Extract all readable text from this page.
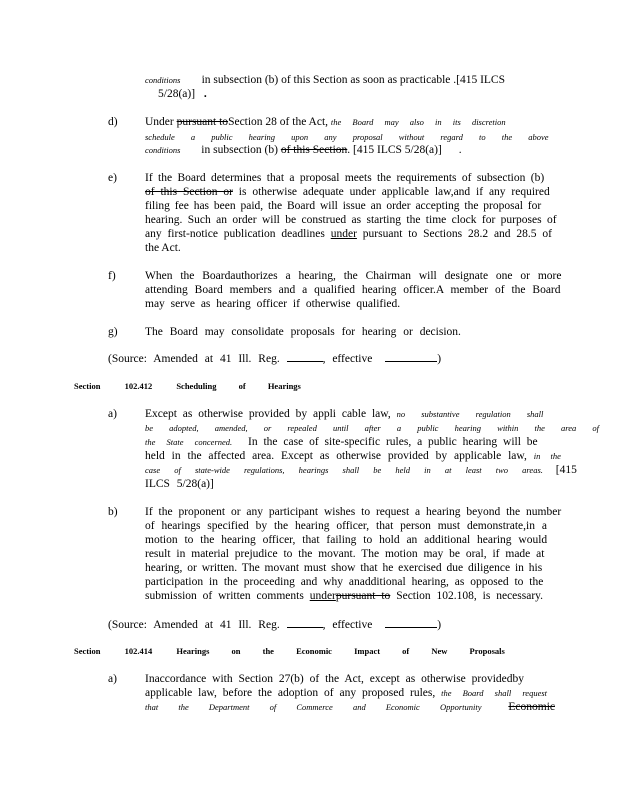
conditions in subsection (b) of this Section as soon as practicable .[415 ILCS
5/28(a)] .
d) Under pursuant toSection 28 of the Act, the Board may also in its discretion
schedule a public hearing upon any proposal without regard to the above
conditions in subsection (b) of this Section. [415 ILCS 5/28(a)] .
e) If the Board determines that a proposal meets the requirements of subsection (b)
of this Section or is otherwise adequate under applicable law,and if any required
filing fee has been paid, the Board will issue an order accepting the proposal for
hearing. Such an order will be construed as starting the time clock for purposes of
any first-notice publication deadlines under pursuant to Sections 28.2 and 28.5 of
the Act.
f)	When the Boardauthorizes a hearing, the Chairman will designate one or more
attending Board members and a qualified hearing officer.A member of the Board
may serve as hearing officer if otherwise qualified.
g) The Board may consolidate proposals for hearing or decision.
(Source: Amended at 41 Ill. Reg.	, effective	)
Section	102.412	Scheduling of Hearings
a) Except as otherwise provided by appli cable law, no substantive regulation shall
be adopted, amended, or repealed until after a public hearing within the area of
the State concerned. In the case of site-specific rules, a public hearing will be
held in the affected area. Except as otherwise provided by applicable law, in the
case of state-wide regulations, hearings shall be held in at least two areas. [415
ILCS 5/28(a)]
b) If the proponent or any participant wishes to request a hearing beyond the number
of hearings specified by the hearing officer, that person must demonstrate,in a
motion to the hearing officer, that failing to hold an additional hearing would
result in material prejudice to the movant. The motion may be oral, if made at
hearing, or written. The movant must show that he exercised due diligence in his
participation in the proceeding and why anadditional hearing, as opposed to the
submission of written comments underpursuant to Section 102.108, is necessary.
(Source: Amended at 41 Ill. Reg.	, effective	)
Section	102.414	Hearings on the Economic Impact of New Proposals
a) Inaccordance with Section 27(b) of the Act, except as otherwise providedby
applicable law, before the adoption of any proposed rules, the Board shall request
that the Department of Commerce and Economic Opportunity Economic
